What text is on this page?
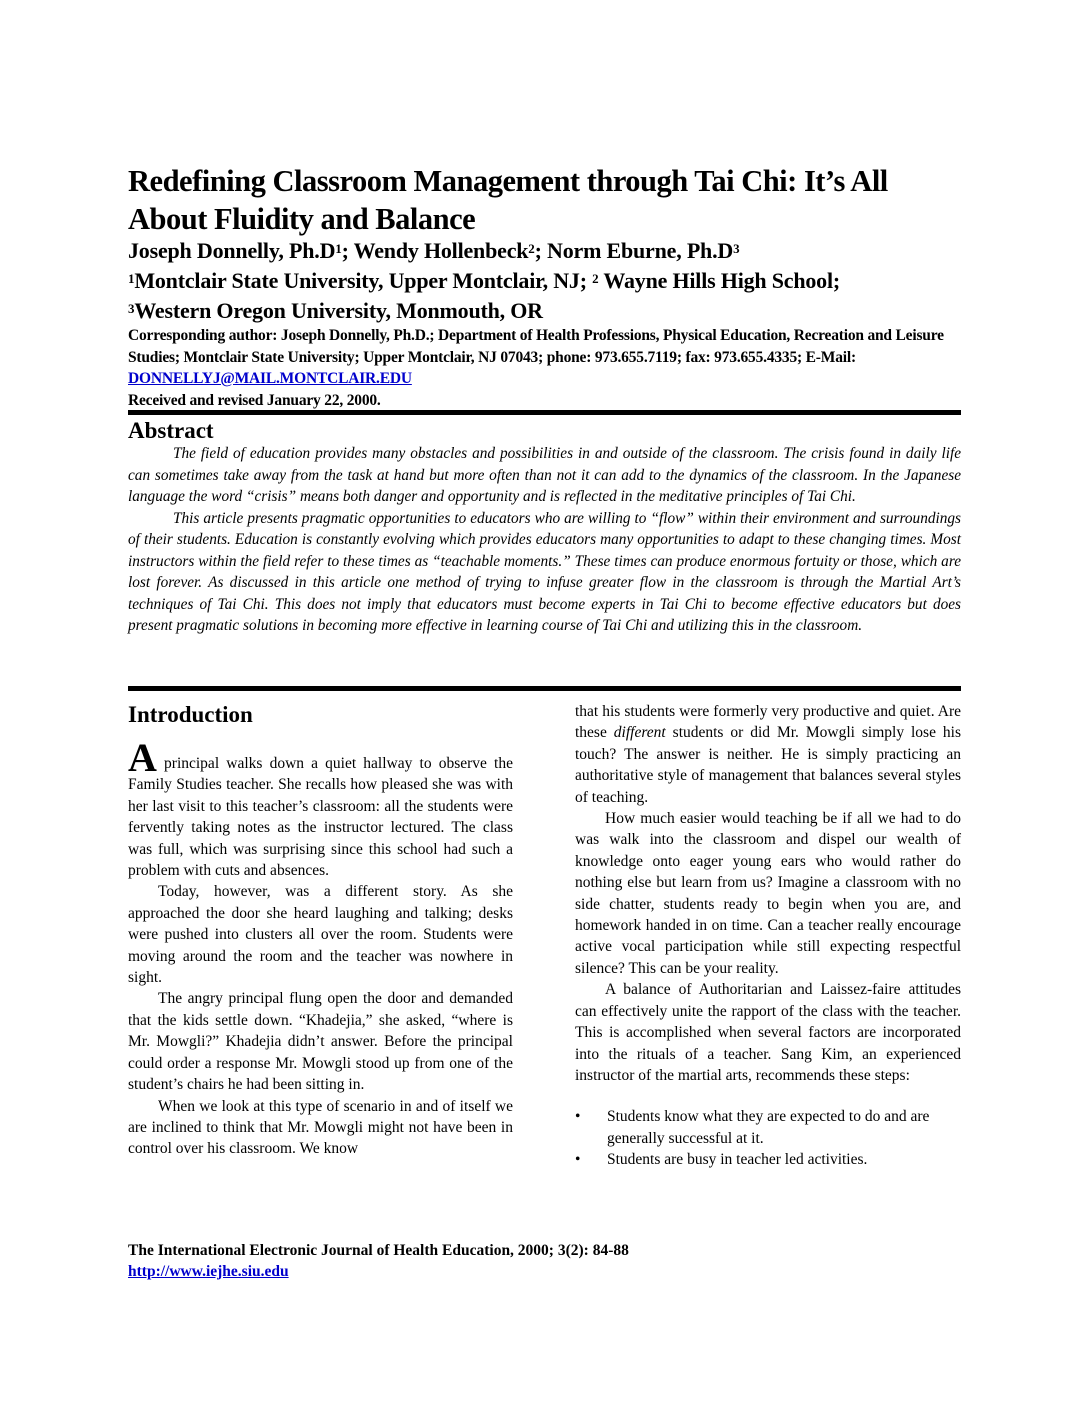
Redefining Classroom Management through Tai Chi: It’s All About Fluidity and Balance
Joseph Donnelly, $Ph.D^1$; Wendy Hollenbeck$^2$; Norm Eburne, $Ph.D^3$
$^1$Montclair State University, Upper Montclair, NJ; $^2$ Wayne Hills High School;
$^3$Western Oregon University, Monmouth, OR
Corresponding author: Joseph Donnelly, Ph.D.; Department of Health Professions, Physical Education, Recreation and Leisure Studies; Montclair State University; Upper Montclair, NJ 07043; phone: 973.655.7119; fax: 973.655.4335; E-Mail: DONNELLYJ@MAIL.MONTCLAIR.EDU
Received and revised January 22, 2000.
Abstract

The field of education provides many obstacles and possibilities in and outside of the classroom. The crisis found in daily life can sometimes take away from the task at hand but more often than not it can add to the dynamics of the classroom. In the Japanese language the word “crisis” means both danger and opportunity and is reflected in the meditative principles of Tai Chi.

This article presents pragmatic opportunities to educators who are willing to “flow” within their environment and surroundings of their students. Education is constantly evolving which provides educators many opportunities to adapt to these changing times. Most instructors within the field refer to these times as “teachable moments.” These times can produce enormous fortuity or those, which are lost forever. As discussed in this article one method of trying to infuse greater flow in the classroom is through the Martial Art’s techniques of Tai Chi. This does not imply that educators must become experts in Tai Chi to become effective educators but does present pragmatic solutions in becoming more effective in learning course of Tai Chi and utilizing this in the classroom.

Introduction

A principal walks down a quiet hallway to observe the Family Studies teacher. She recalls how pleased she was with her last visit to this teacher’s classroom: all the students were fervently taking notes as the instructor lectured. The class was full, which was surprising since this school had such a problem with cuts and absences.

Today, however, was a different story. As she approached the door she heard laughing and talking; desks were pushed into clusters all over the room. Students were moving around the room and the teacher was nowhere in sight.

The angry principal flung open the door and demanded that the kids settle down. “Khadejia,” she asked, “where is Mr. Mowgli?” Khadejia didn’t answer. Before the principal could order a response Mr. Mowgli stood up from one of the student’s chairs he had been sitting in.

When we look at this type of scenario in and of itself we are inclined to think that Mr. Mowgli might not have been in control over his classroom. We know

that his students were formerly very productive and quiet. Are these different students or did Mr. Mowgli simply lose his touch? The answer is neither. He is simply practicing an authoritative style of management that balances several styles of teaching.

How much easier would teaching be if all we had to do was walk into the classroom and dispel our wealth of knowledge onto eager young ears who would rather do nothing else but learn from us? Imagine a classroom with no side chatter, students ready to begin when you are, and homework handed in on time. Can a teacher really encourage active vocal participation while still expecting respectful silence? This can be your reality.

A balance of Authoritarian and Laissez-faire attitudes can effectively unite the rapport of the class with the teacher. This is accomplished when several factors are incorporated into the rituals of a teacher. Sang Kim, an experienced instructor of the martial arts, recommends these steps:

• Students know what they are expected to do and are generally successful at it.
• Students are busy in teacher led activities.
The International Electronic Journal of Health Education, 2000; 3(2): 84-88
http://www.iejhe.siu.edu
